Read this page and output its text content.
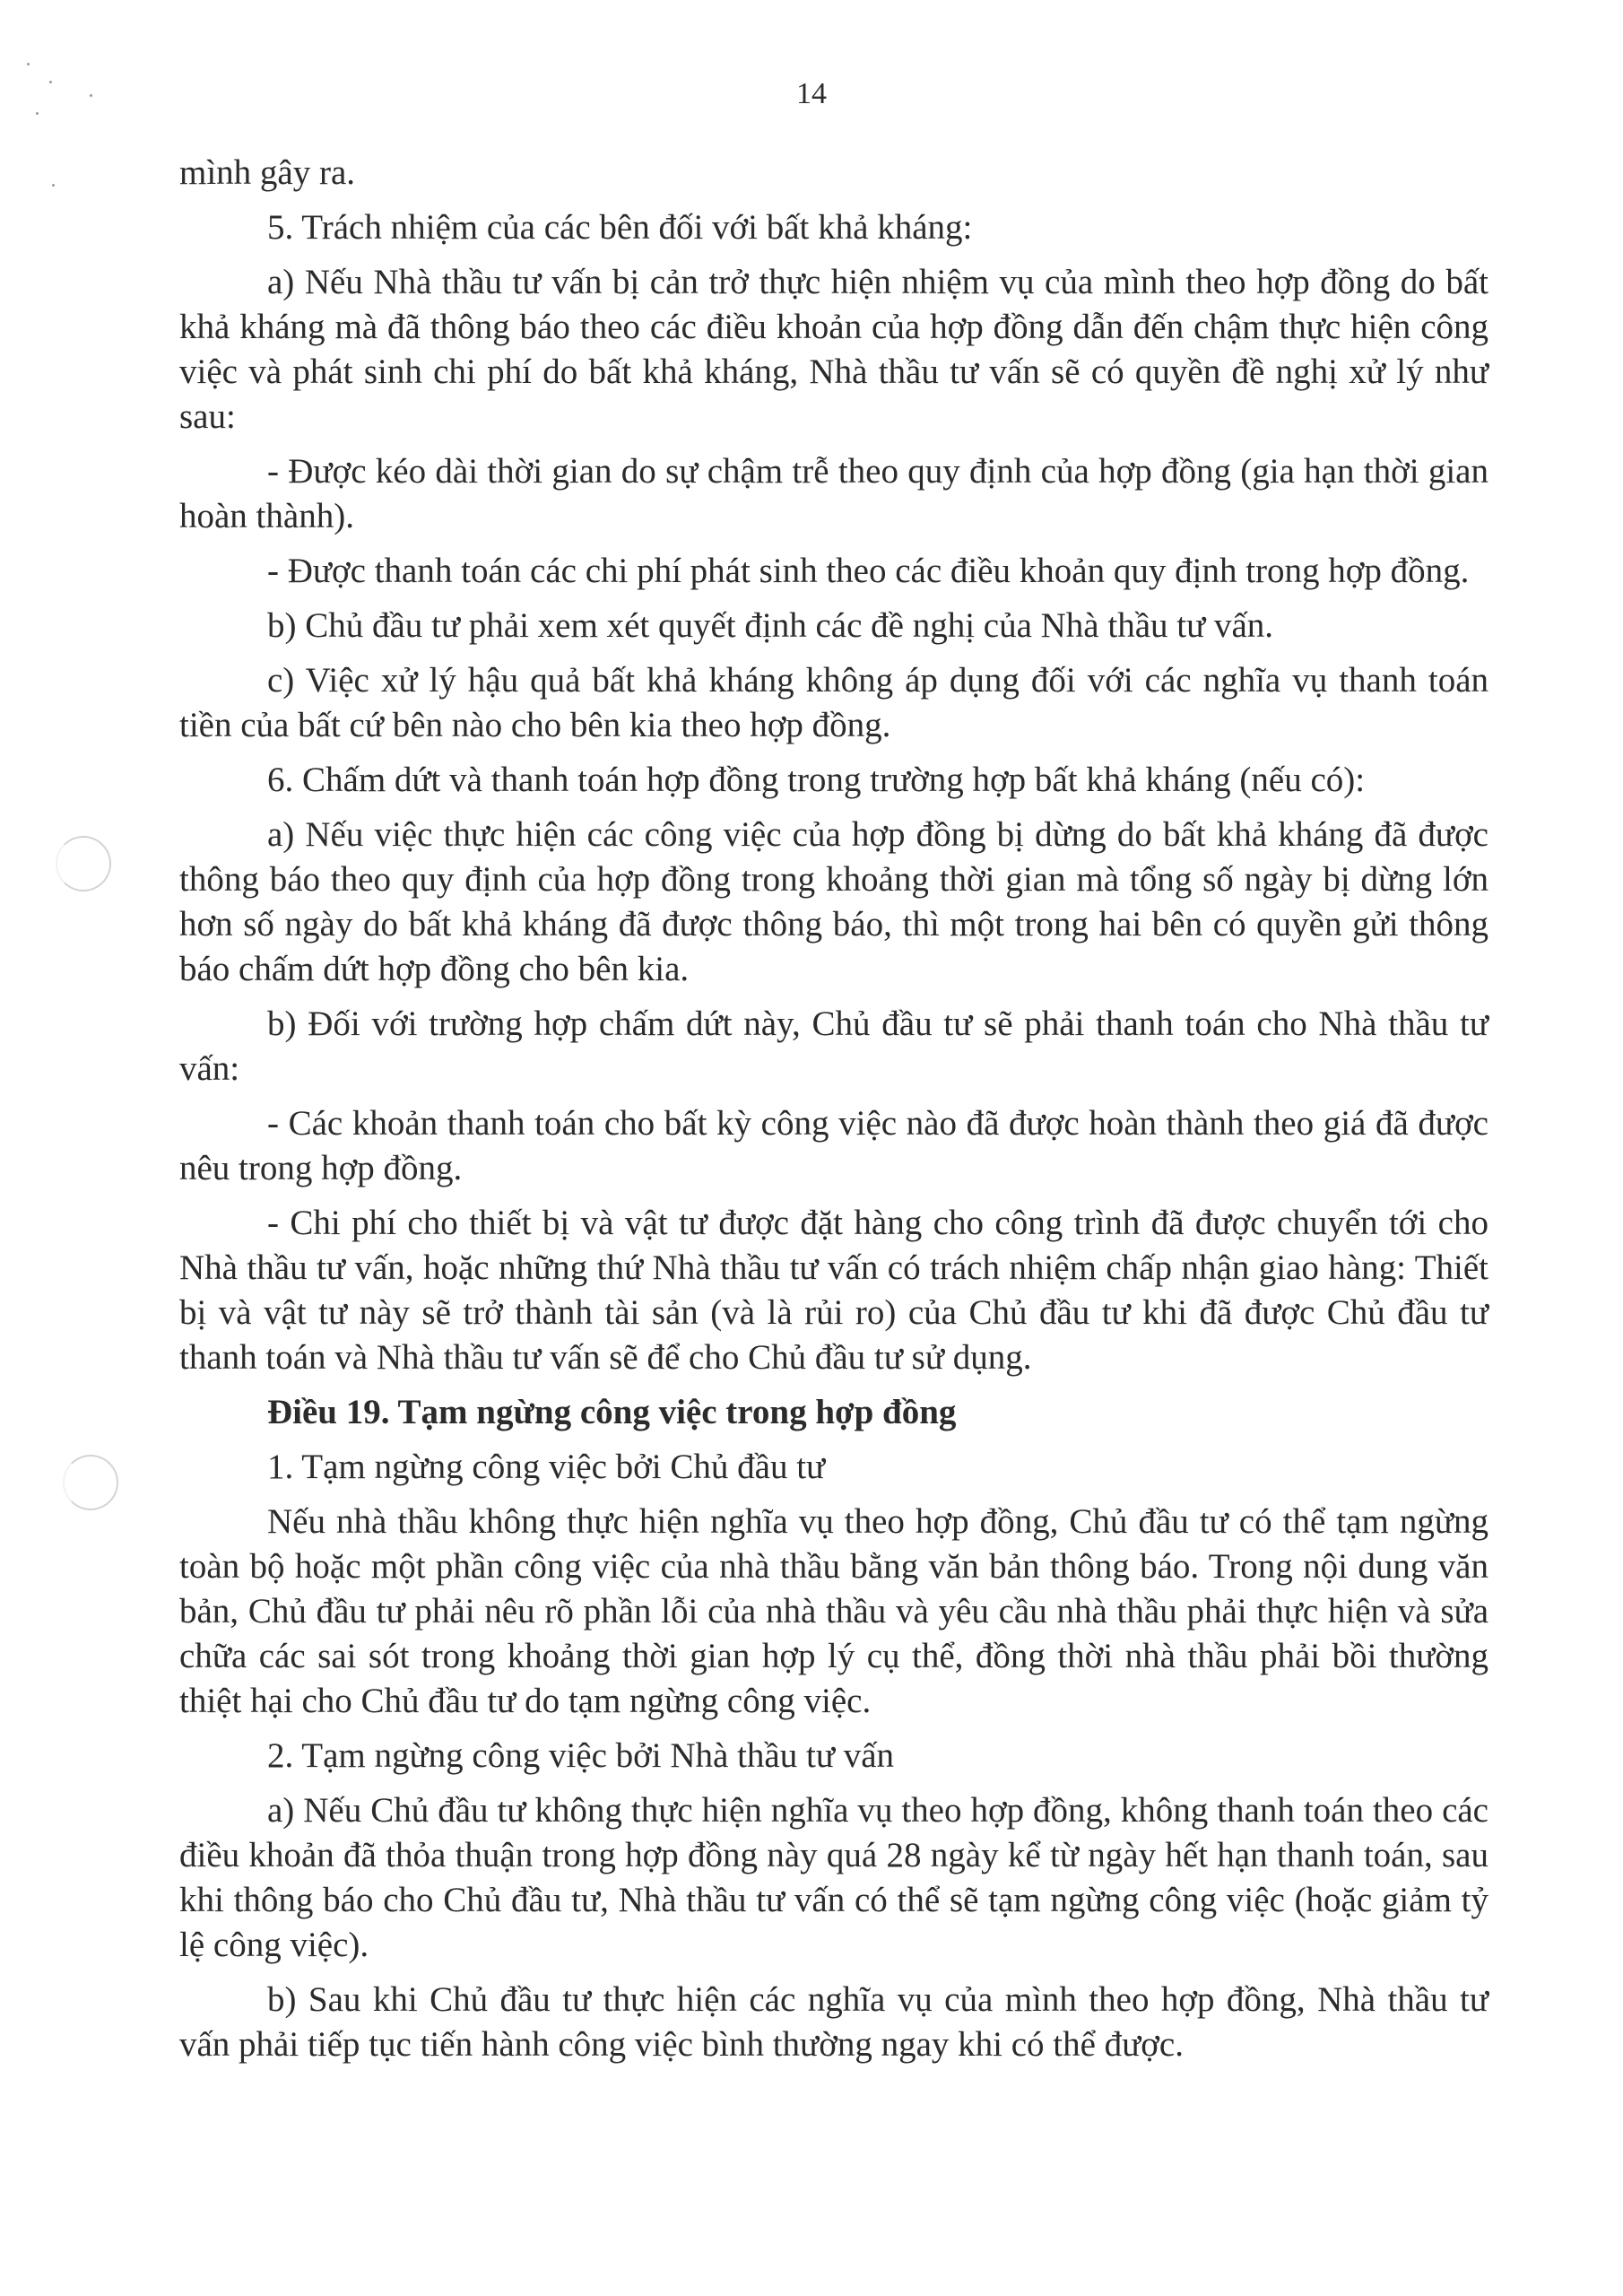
14

mình gây ra.

5. Trách nhiệm của các bên đối với bất khả kháng:

a) Nếu Nhà thầu tư vấn bị cản trở thực hiện nhiệm vụ của mình theo hợp đồng do bất khả kháng mà đã thông báo theo các điều khoản của hợp đồng dẫn đến chậm thực hiện công việc và phát sinh chi phí do bất khả kháng, Nhà thầu tư vấn sẽ có quyền đề nghị xử lý như sau:

- Được kéo dài thời gian do sự chậm trễ theo quy định của hợp đồng (gia hạn thời gian hoàn thành).

- Được thanh toán các chi phí phát sinh theo các điều khoản quy định trong hợp đồng.

b) Chủ đầu tư phải xem xét quyết định các đề nghị của Nhà thầu tư vấn.

c) Việc xử lý hậu quả bất khả kháng không áp dụng đối với các nghĩa vụ thanh toán tiền của bất cứ bên nào cho bên kia theo hợp đồng.

6. Chấm dứt và thanh toán hợp đồng trong trường hợp bất khả kháng (nếu có):

a) Nếu việc thực hiện các công việc của hợp đồng bị dừng do bất khả kháng đã được thông báo theo quy định của hợp đồng trong khoảng thời gian mà tổng số ngày bị dừng lớn hơn số ngày do bất khả kháng đã được thông báo, thì một trong hai bên có quyền gửi thông báo chấm dứt hợp đồng cho bên kia.

b) Đối với trường hợp chấm dứt này, Chủ đầu tư sẽ phải thanh toán cho Nhà thầu tư vấn:

- Các khoản thanh toán cho bất kỳ công việc nào đã được hoàn thành theo giá đã được nêu trong hợp đồng.

- Chi phí cho thiết bị và vật tư được đặt hàng cho công trình đã được chuyển tới cho Nhà thầu tư vấn, hoặc những thứ Nhà thầu tư vấn có trách nhiệm chấp nhận giao hàng: Thiết bị và vật tư này sẽ trở thành tài sản (và là rủi ro) của Chủ đầu tư khi đã được Chủ đầu tư thanh toán và Nhà thầu tư vấn sẽ để cho Chủ đầu tư sử dụng.

Điều 19. Tạm ngừng công việc trong hợp đồng

1. Tạm ngừng công việc bởi Chủ đầu tư

Nếu nhà thầu không thực hiện nghĩa vụ theo hợp đồng, Chủ đầu tư có thể tạm ngừng toàn bộ hoặc một phần công việc của nhà thầu bằng văn bản thông báo. Trong nội dung văn bản, Chủ đầu tư phải nêu rõ phần lỗi của nhà thầu và yêu cầu nhà thầu phải thực hiện và sửa chữa các sai sót trong khoảng thời gian hợp lý cụ thể, đồng thời nhà thầu phải bồi thường thiệt hại cho Chủ đầu tư do tạm ngừng công việc.

2. Tạm ngừng công việc bởi Nhà thầu tư vấn

a) Nếu Chủ đầu tư không thực hiện nghĩa vụ theo hợp đồng, không thanh toán theo các điều khoản đã thỏa thuận trong hợp đồng này quá 28 ngày kể từ ngày hết hạn thanh toán, sau khi thông báo cho Chủ đầu tư, Nhà thầu tư vấn có thể sẽ tạm ngừng công việc (hoặc giảm tỷ lệ công việc).

b) Sau khi Chủ đầu tư thực hiện các nghĩa vụ của mình theo hợp đồng, Nhà thầu tư vấn phải tiếp tục tiến hành công việc bình thường ngay khi có thể được.
